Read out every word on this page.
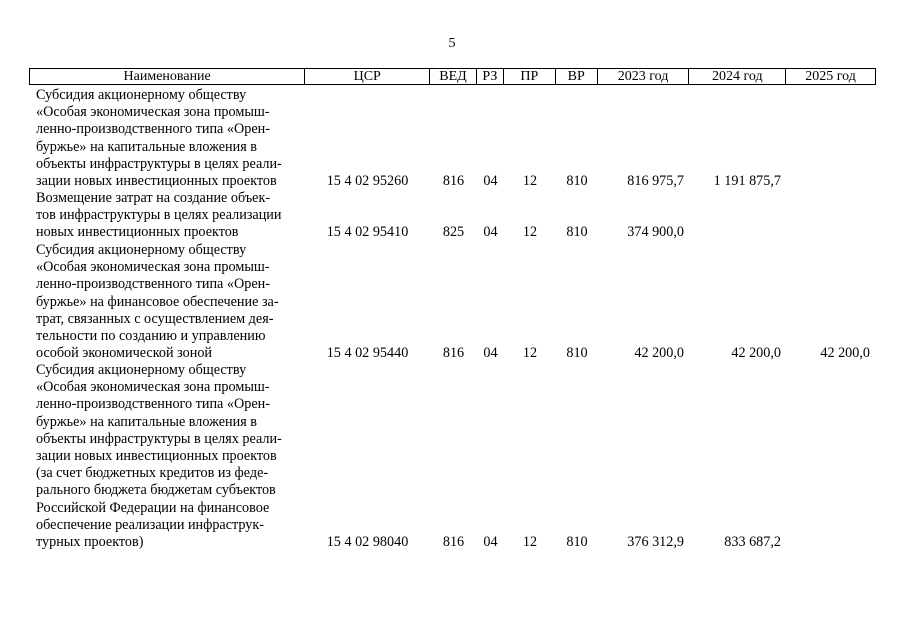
5
Наименование	ЦСР	ВЕД	РЗ	ПР	ВР	2023 год	2024 год	2025 год
Субсидия акционерному обществу
«Особая экономическая зона промыш-
ленно-производственного типа «Орен-
буржье» на капитальные вложения в
объекты инфраструктуры в целях реали-
зации новых инвестиционных проектов	15 4 02 95260	816	04	12	810	816 975,7	1 191 875,7
Возмещение затрат на создание объек-
тов инфраструктуры в целях реализации
новых инвестиционных проектов	15 4 02 95410	825	04	12	810	374 900,0
Субсидия акционерному обществу
«Особая экономическая зона промыш-
ленно-производственного типа «Орен-
буржье» на финансовое обеспечение за-
трат, связанных с осуществлением дея-
тельности по созданию и управлению
особой экономической зоной	15 4 02 95440	816	04	12	810	42 200,0	42 200,0	42 200,0
Субсидия акционерному обществу
«Особая экономическая зона промыш-
ленно-производственного типа «Орен-
буржье» на капитальные вложения в
объекты инфраструктуры в целях реали-
зации новых инвестиционных проектов
(за счет бюджетных кредитов из феде-
рального бюджета бюджетам субъектов
Российской Федерации на финансовое
обеспечение реализации инфраструк-
турных проектов)	15 4 02 98040	816	04	12	810	376 312,9	833 687,2
